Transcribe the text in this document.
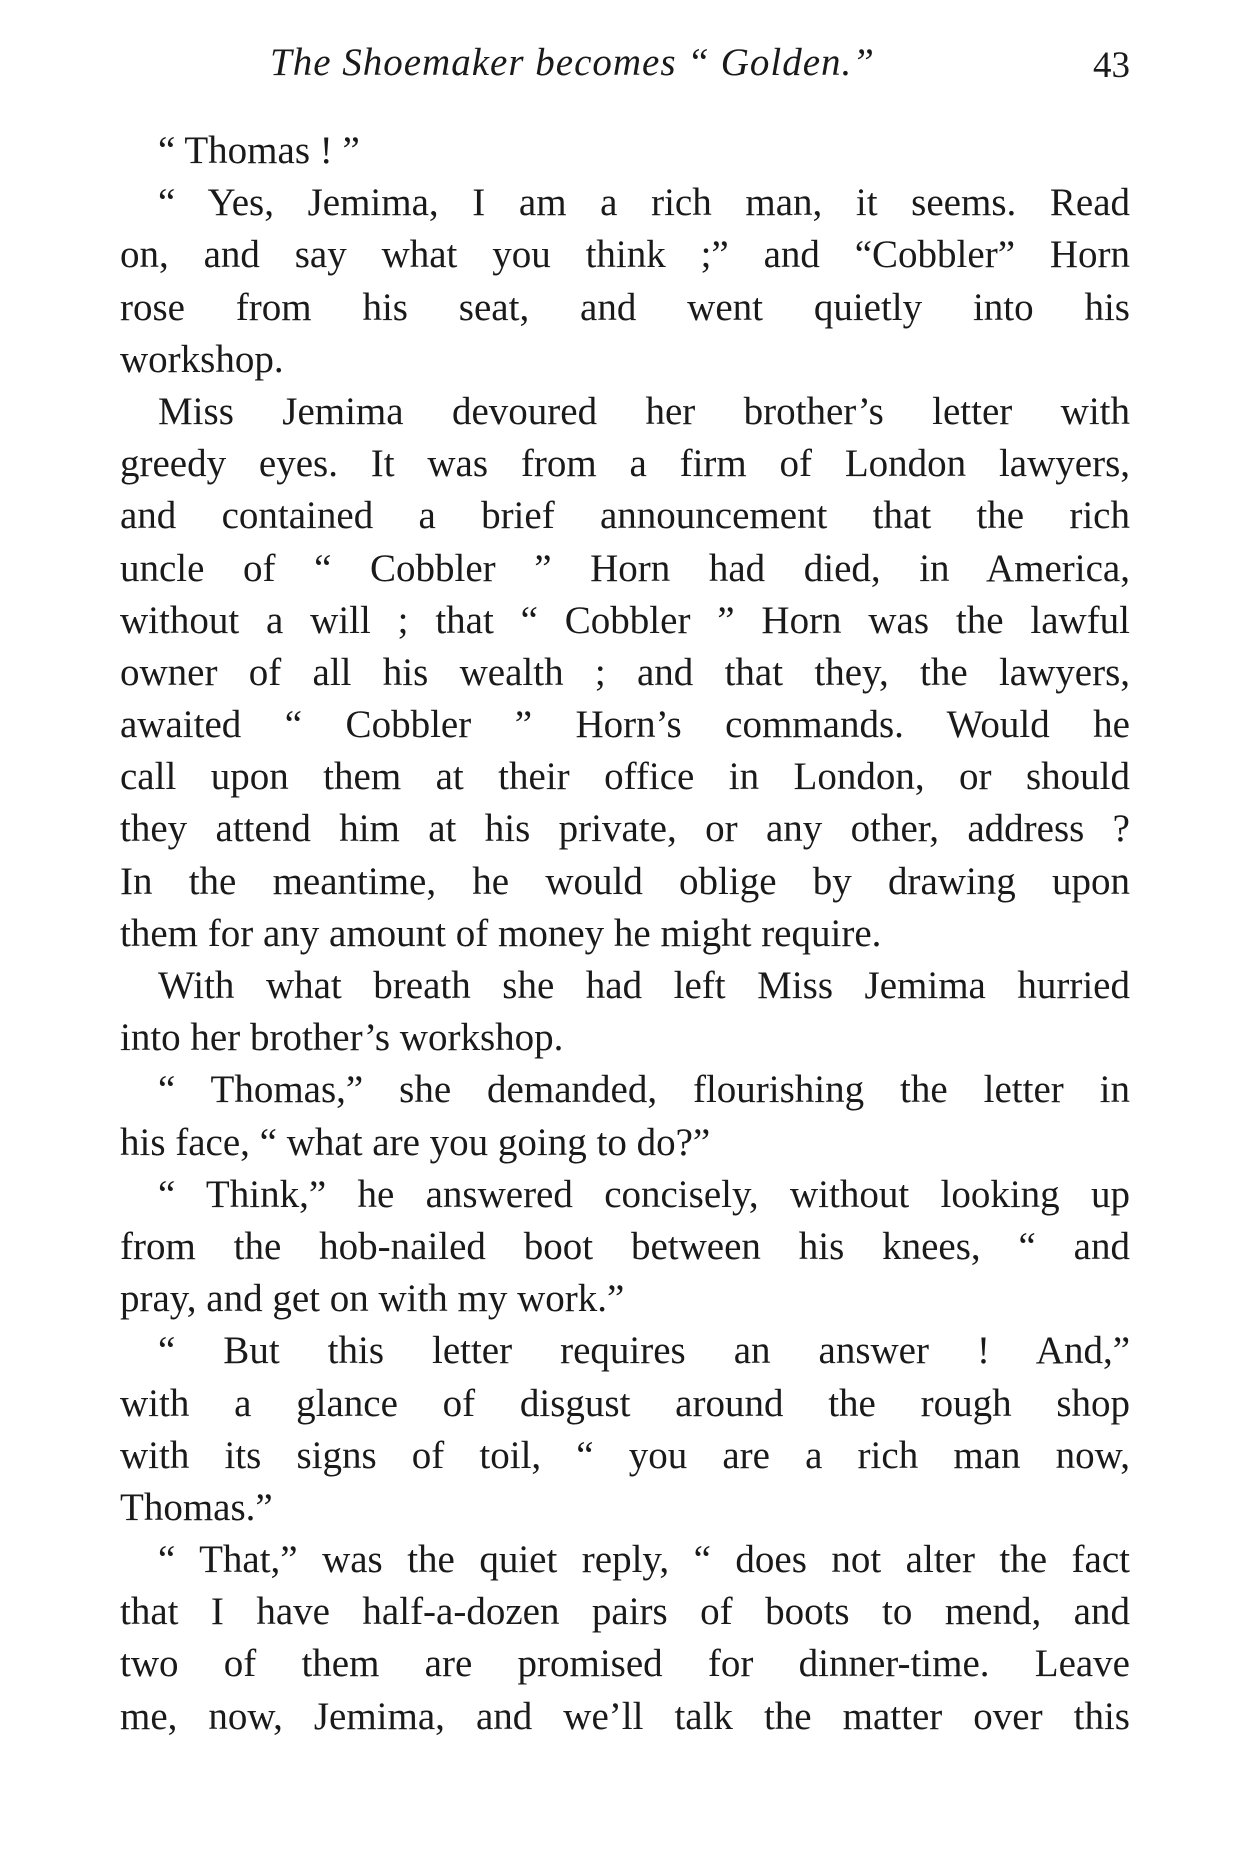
The Shoemaker becomes “ Golden.”	43
“ Thomas ! ”
“ Yes, Jemima, I am a rich man, it seems. Read
on, and say what you think ;” and “Cobbler” Horn
rose from his seat, and went quietly into his
workshop.
Miss Jemima devoured her brother’s letter with
greedy eyes. It was from a firm of London lawyers,
and contained a brief announcement that the rich
uncle of “ Cobbler ” Horn had died, in America,
without a will ; that “ Cobbler ” Horn was the lawful
owner of all his wealth ; and that they, the lawyers,
awaited “ Cobbler ” Horn’s commands. Would he
call upon them at their office in London, or should
they attend him at his private, or any other, address ?
In the meantime, he would oblige by drawing upon
them for any amount of money he might require.
With what breath she had left Miss Jemima hurried
into her brother’s workshop.
“ Thomas,” she demanded, flourishing the letter in
his face, “ what are you going to do?”
“ Think,” he answered concisely, without looking up
from the hob-nailed boot between his knees, “ and
pray, and get on with my work.”
“ But this letter requires an answer ! And,”
with a glance of disgust around the rough shop
with its signs of toil, “ you are a rich man now,
Thomas.”
“ That,” was the quiet reply, “ does not alter the fact
that I have half-a-dozen pairs of boots to mend, and
two of them are promised for dinner-time. Leave
me, now, Jemima, and we’ll talk the matter over this
